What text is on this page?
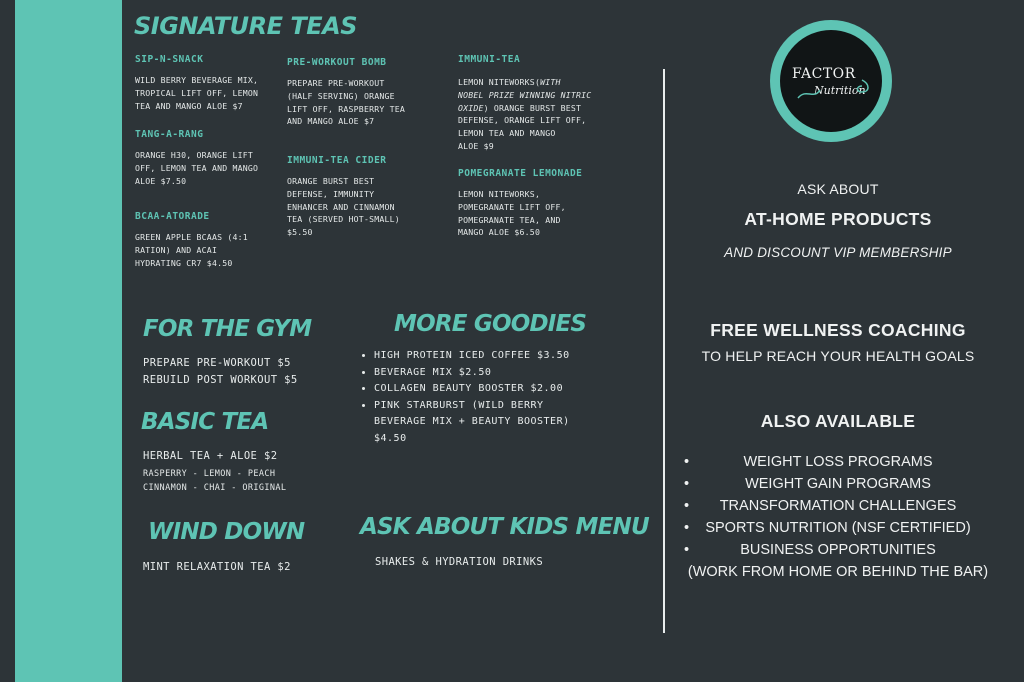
SIGNATURE TEAS
SIP-N-SNACK
WILD BERRY BEVERAGE MIX,
TROPICAL LIFT OFF, LEMON
TEA AND MANGO ALOE $7
TANG-A-RANG
ORANGE H30, ORANGE LIFT
OFF, LEMON TEA AND MANGO
ALOE $7.50
BCAA-ATORADE
GREEN APPLE BCAAS (4:1
RATION) AND ACAI
HYDRATING CR7 $4.50
PRE-WORKOUT BOMB
PREPARE PRE-WORKOUT
(HALF SERVING) ORANGE
LIFT OFF, RASPBERRY TEA
AND MANGO ALOE $7
IMMUNI-TEA CIDER
ORANGE BURST BEST
DEFENSE, IMMUNITY
ENHANCER AND CINNAMON
TEA (SERVED HOT-SMALL)
$5.50
IMMUNI-TEA
LEMON NITEWORKS(WITH
NOBEL PRIZE WINNING NITRIC
OXIDE) ORANGE BURST BEST
DEFENSE, ORANGE LIFT OFF,
LEMON TEA AND MANGO
ALOE $9
POMEGRANATE LEMONADE
LEMON NITEWORKS,
POMEGRANATE LIFT OFF,
POMEGRANATE TEA, AND
MANGO ALOE $6.50
FOR THE GYM
PREPARE PRE-WORKOUT $5
REBUILD POST WORKOUT $5
BASIC TEA
HERBAL TEA + ALOE $2
RASPERRY - LEMON - PEACH
CINNAMON - CHAI - ORIGINAL
WIND DOWN
MINT RELAXATION TEA $2
MORE GOODIES
• HIGH PROTEIN ICED COFFEE $3.50
• BEVERAGE MIX $2.50
• COLLAGEN BEAUTY BOOSTER $2.00
• PINK STARBURST (WILD BERRY BEVERAGE MIX + BEAUTY BOOSTER) $4.50
ASK ABOUT KIDS MENU
SHAKES & HYDRATION DRINKS
FACTOR
Nutrition
ASK ABOUT
AT-HOME PRODUCTS
AND DISCOUNT VIP MEMBERSHIP
FREE WELLNESS COACHING
TO HELP REACH YOUR HEALTH GOALS
ALSO AVAILABLE
•	WEIGHT LOSS PROGRAMS
•	WEIGHT GAIN PROGRAMS
• TRANSFORMATION CHALLENGES
• SPORTS NUTRITION (NSF CERTIFIED)
•	BUSINESS OPPORTUNITIES
(WORK FROM HOME OR BEHIND THE BAR)
